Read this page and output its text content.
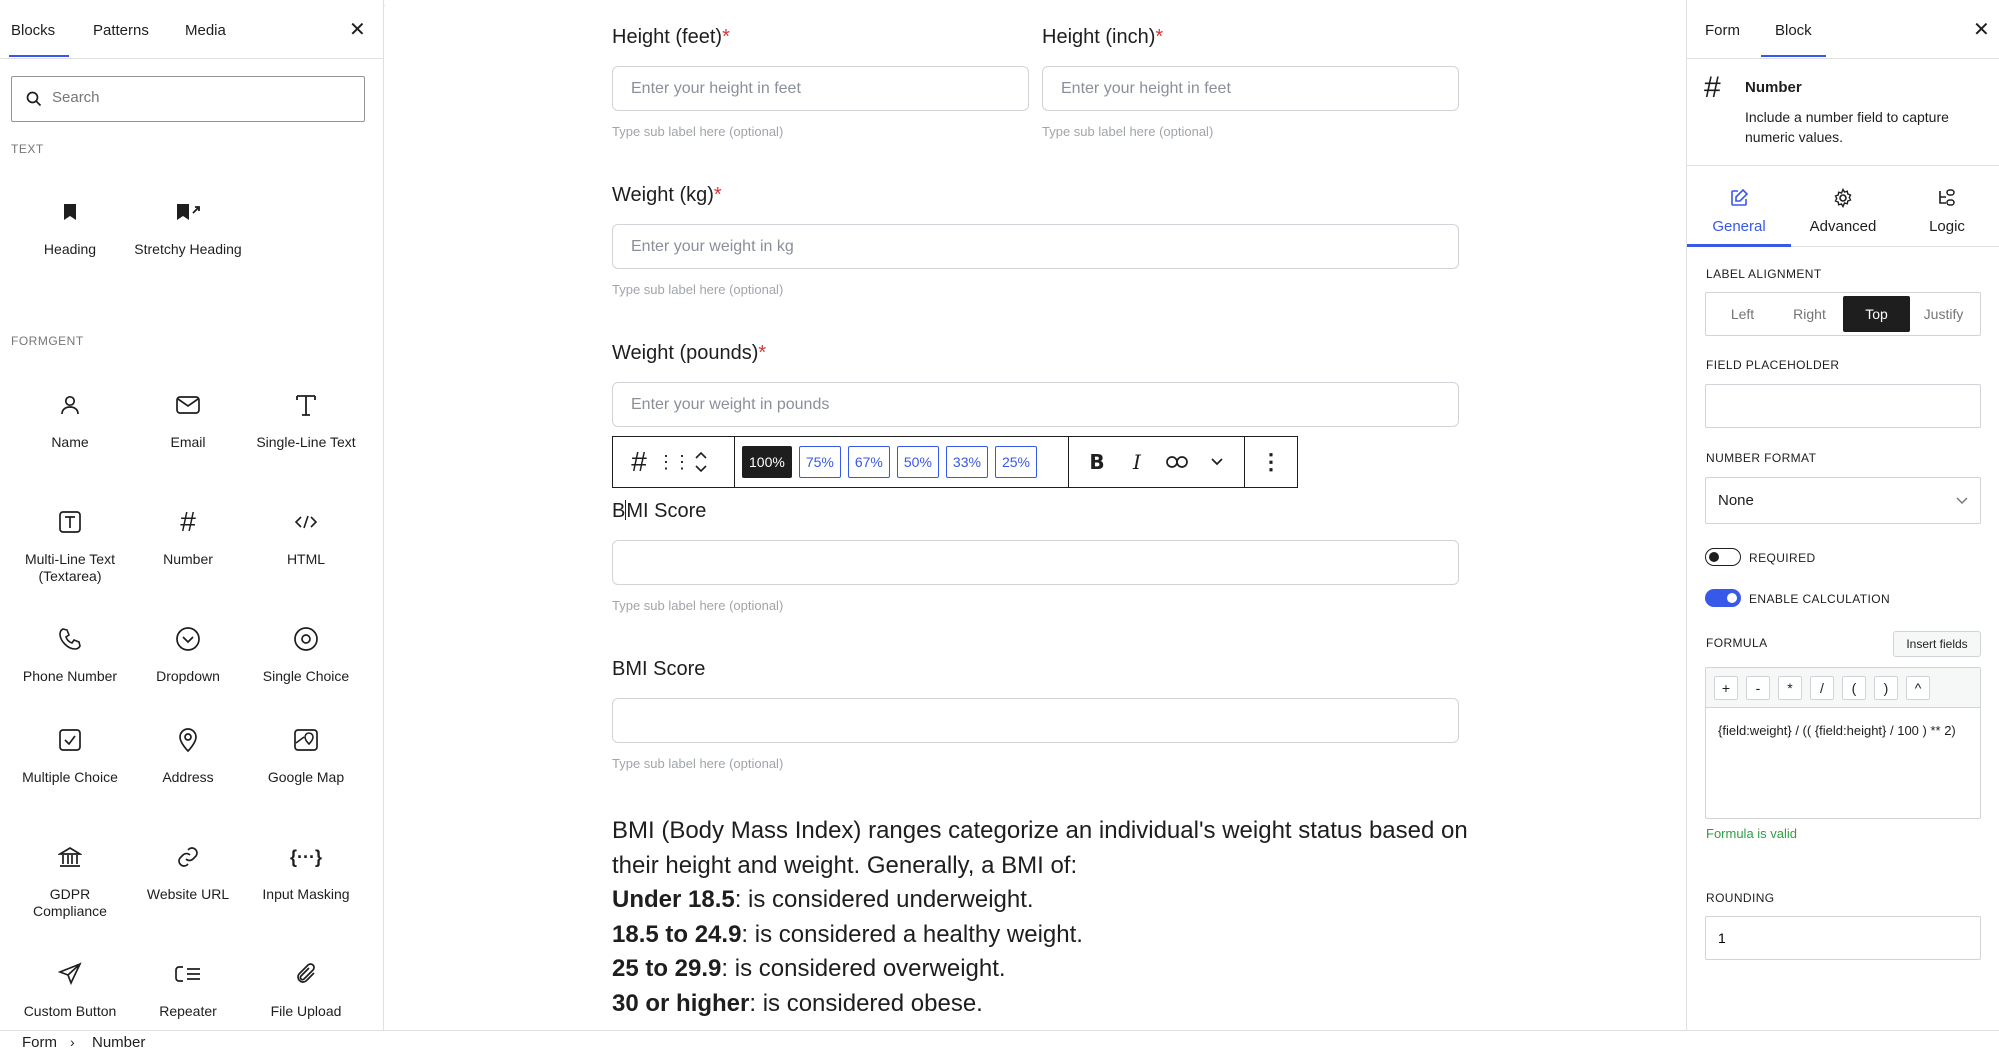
Blocks	Patterns Media	✕
Search
TEXT
Heading	Stretchy Heading
FORMGENT
Name	Email	Single-Line Text
Multi-Line Text (Textarea)
#
Number	HTML
Phone Number	Dropdown	Single Choice
Multiple Choice	Address	Google Map
GDPR Compliance
Website URL
{···}
Input Masking
Custom Button	Repeater	File Upload
Height (feet)*
Enter your height in feet
Type sub label here (optional)
Height (inch)*
Enter your height in feet
Type sub label here (optional)
Weight (kg)*
Enter your weight in kg
Type sub label here (optional)
Weight (pounds)*
Enter your weight in pounds
BMI Score
Type sub label here (optional)
BMI Score
Type sub label here (optional)
# ⋮⋮	100%	75%	67%	50%	33%	25%	B	I	⋮
BMI (Body Mass Index) ranges categorize an individual's weight status based on their height and weight. Generally, a BMI of:
Under 18.5: is considered underweight.
18.5 to 24.9: is considered a healthy weight.
25 to 29.9: is considered overweight.
30 or higher: is considered obese.
Form Block	✕
# Number
Include a number field to capture numeric values.
General	Advanced	Logic
LABEL ALIGNMENT
Left	Right	Top	Justify
FIELD PLACEHOLDER
NUMBER FORMAT
None
REQUIRED
ENABLE CALCULATION
FORMULA	Insert fields
+	-	*	/	(	)	^
{field:weight} / (( {field:height} / 100 ) ** 2)
Formula is valid
ROUNDING
1
Form › Number
